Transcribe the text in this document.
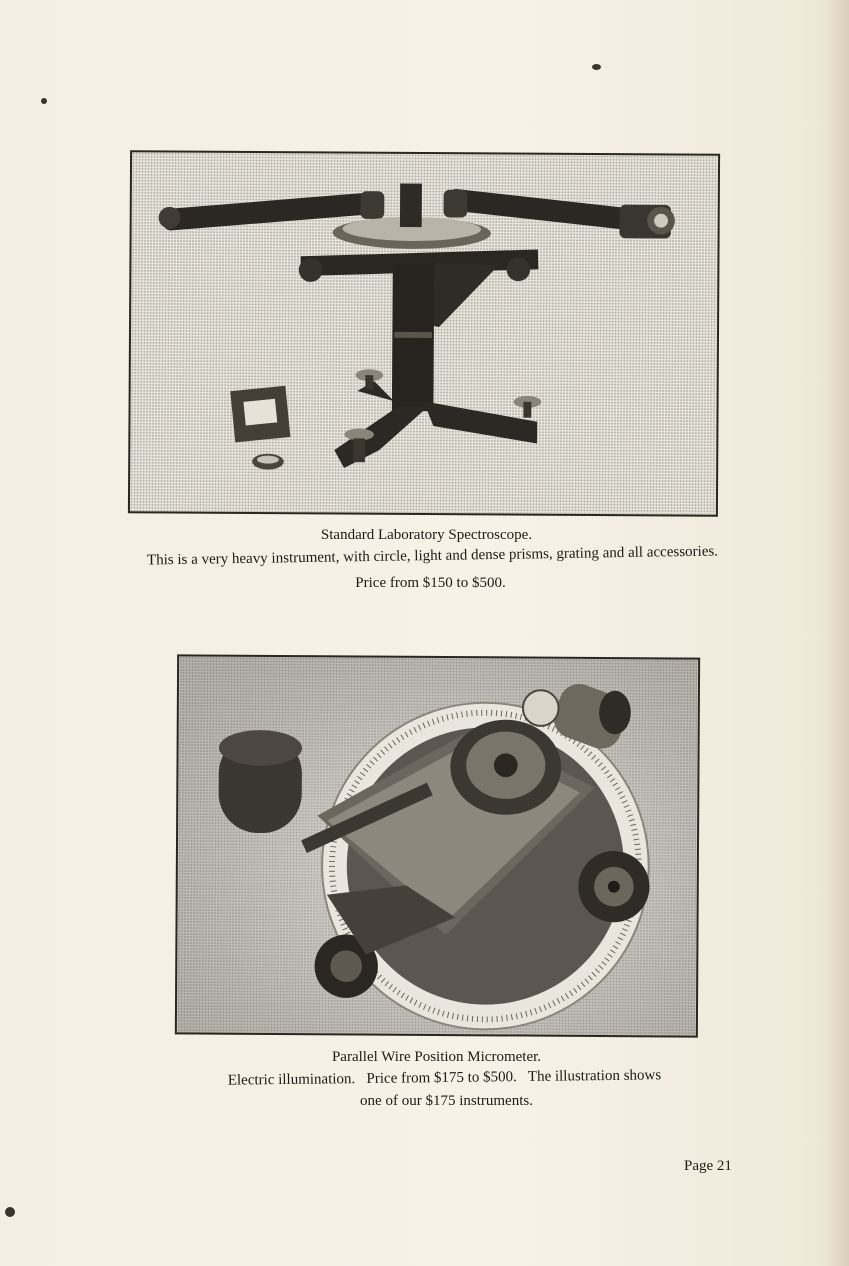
Standard Laboratory Spectroscope.
This is a very heavy instrument, with circle, light and dense prisms, grating and all accessories.
Price from $150 to $500.
Parallel Wire Position Micrometer.
Electric illumination.   Price from $175 to $500.   The illustration shows
one of our $175 instruments.
Page 21
